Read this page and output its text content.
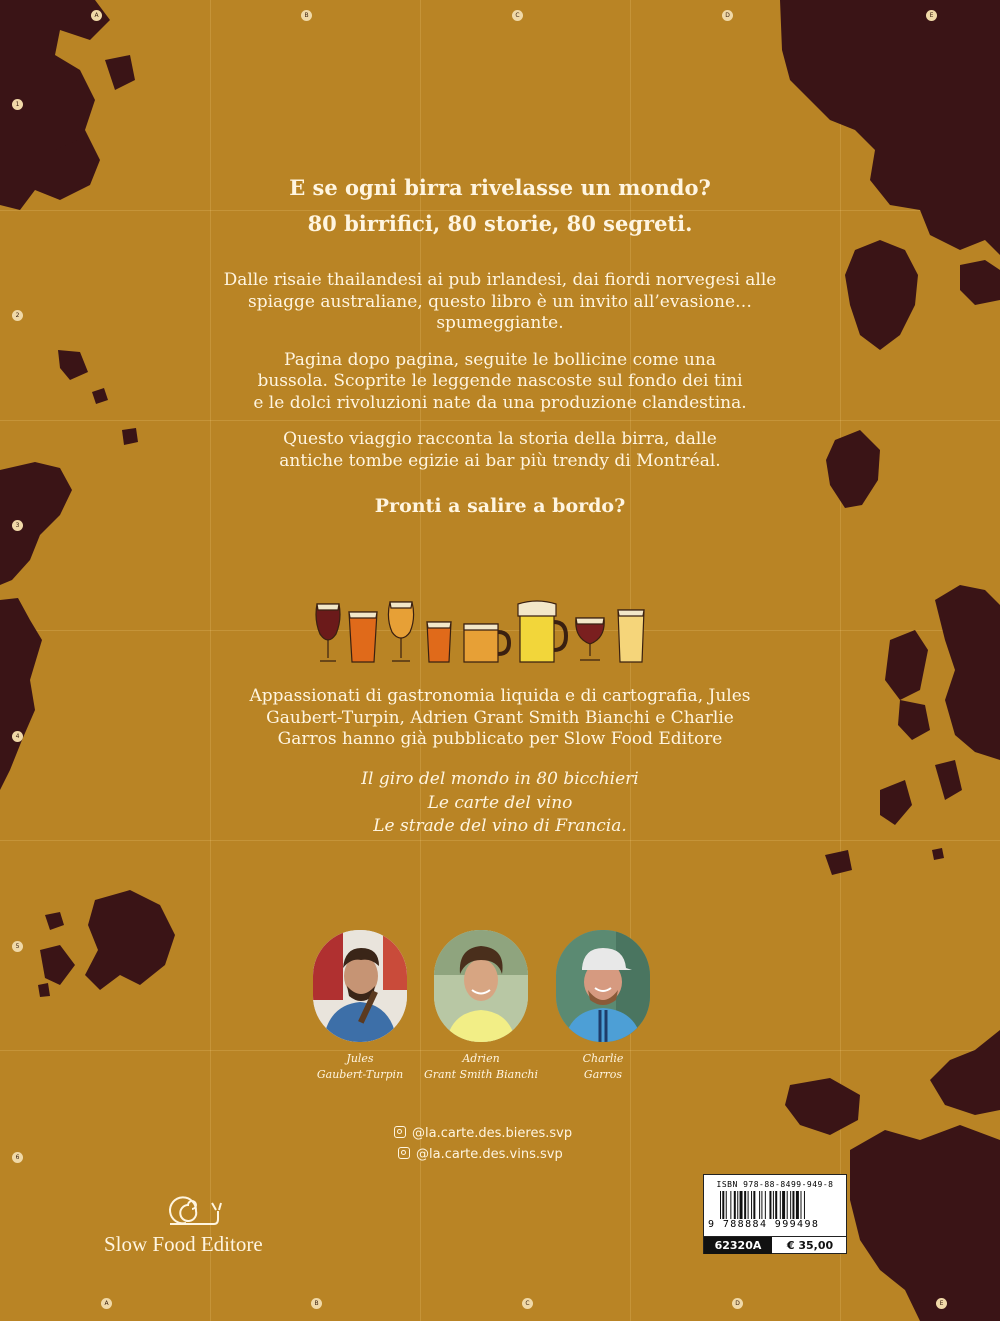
A	B	C	D	E
A	B	C	D	E
1
2
3
4
5
6
E se ogni birra rivelasse un mondo?
80 birrifici, 80 storie, 80 segreti.

Dalle risaie thailandesi ai pub irlandesi, dai fiordi norvegesi alle spiagge australiane, questo libro è un invito all’evasione… spumeggiante.

Pagina dopo pagina, seguite le bollicine come una bussola. Scoprite le leggende nascoste sul fondo dei tini e le dolci rivoluzioni nate da una produzione clandestina.

Questo viaggio racconta la storia della birra, dalle antiche tombe egizie ai bar più trendy di Montréal.

Pronti a salire a bordo?

Appassionati di gastronomia liquida e di cartografia, Jules Gaubert-Turpin, Adrien Grant Smith Bianchi e Charlie Garros hanno già pubblicato per Slow Food Editore

Il giro del mondo in 80 bicchieri
Le carte del vino
Le strade del vino di Francia.
Jules
Gaubert-Turpin
Adrien
Grant Smith Bianchi
Charlie
Garros
@la.carte.des.bieres.svp
@la.carte.des.vins.svp
Slow Food Editore
ISBN 978-88-8499-949-8
9 788884 999498
62320A	€ 35,00
